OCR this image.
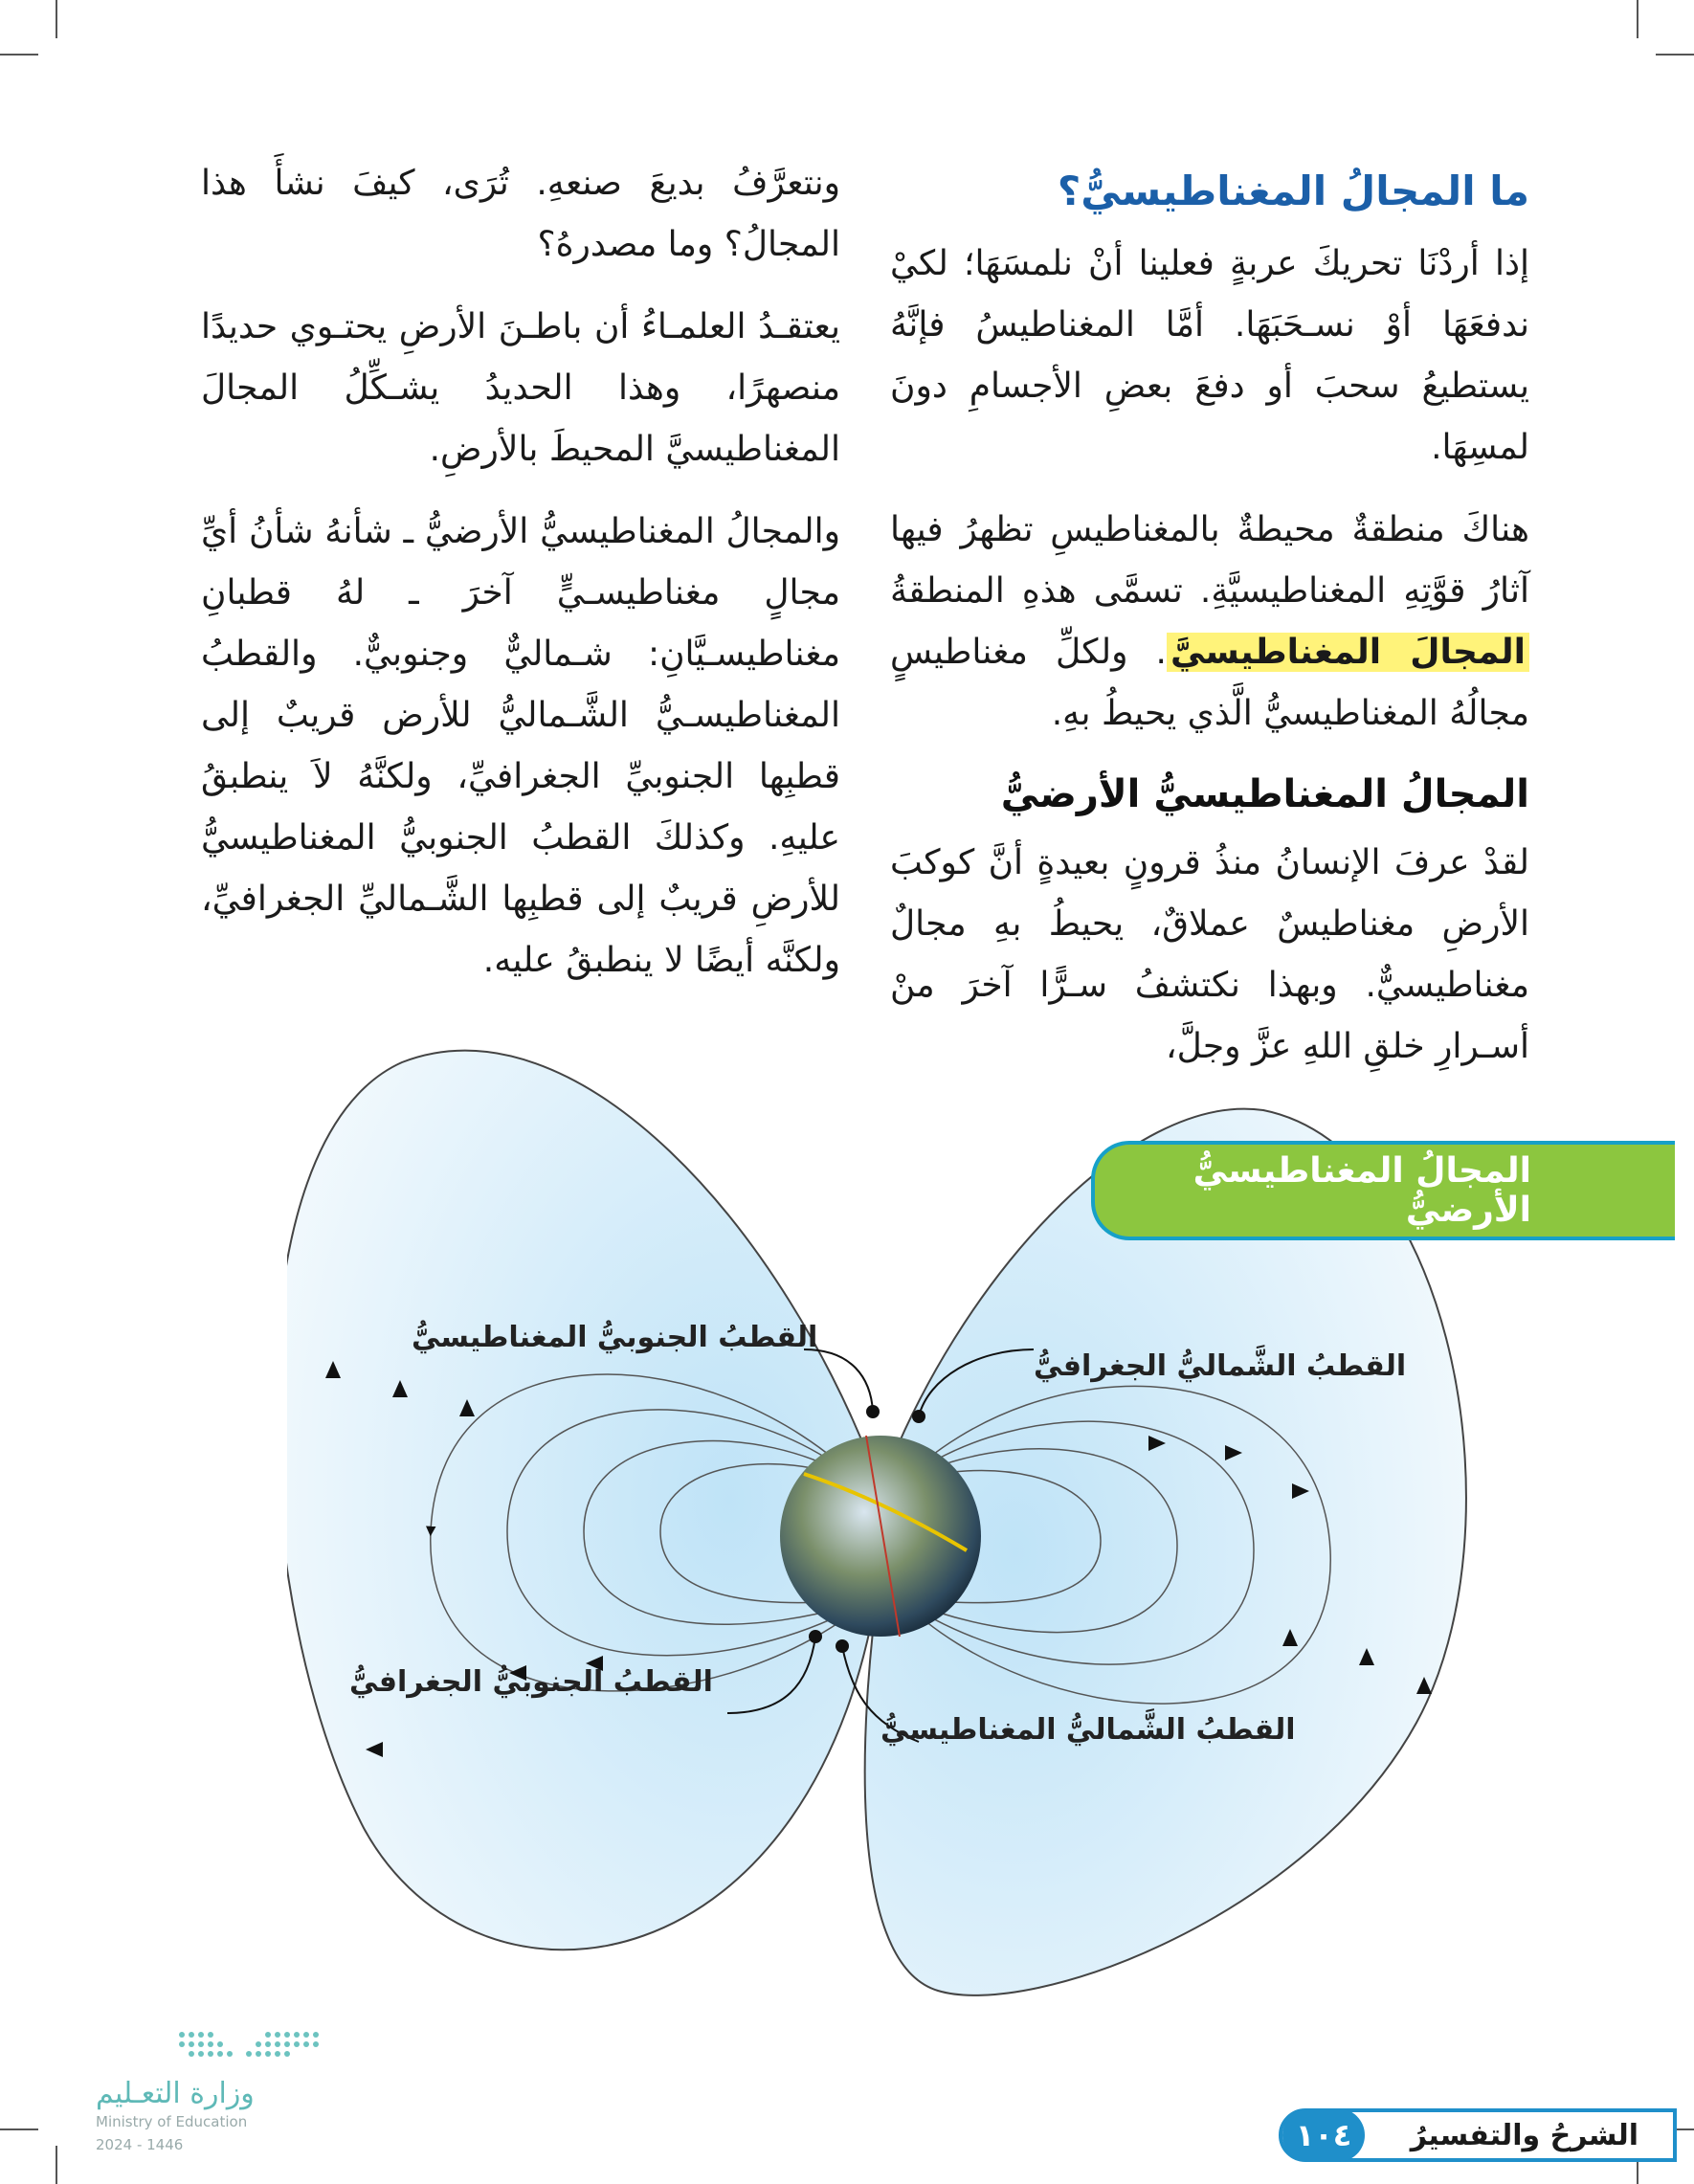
ما المجالُ المغناطيسيُّ؟

إذا أردْنَا تحريكَ عربةٍ فعلينا أنْ نلمسَهَا؛ لكيْ ندفعَهَا أوْ نسـحَبَهَا. أمَّا المغناطيسُ فإنَّهُ يستطيعُ سحبَ أو دفعَ بعضِ الأجسامِ دونَ لمسِهَا.

هناكَ منطقةٌ محيطةٌ بالمغناطيسِ تظهرُ فيها آثارُ قوَّتِهِ المغناطيسيَّةِ. تسمَّى هذهِ المنطقةُ المجالَ المغناطيسيَّ. ولكلِّ مغناطيسٍ مجالُهُ المغناطيسيُّ الَّذي يحيطُ بهِ.

المجالُ المغناطيسيُّ الأرضيُّ

لقدْ عرفَ الإنسانُ منذُ قرونٍ بعيدةٍ أنَّ كوكبَ الأرضِ مغناطيسٌ عملاقٌ، يحيطُ بهِ مجالٌ مغناطيسيٌّ. وبهذا نكتشفُ سـرًّا آخرَ منْ أسـرارِ خلقِ اللهِ عزَّ وجلَّ،

ونتعرَّفُ بديعَ صنعهِ. تُرَى، كيفَ نشأَ هذا المجالُ؟ وما مصدرهُ؟

يعتقـدُ العلمـاءُ أن باطـنَ الأرضِ يحتـوي حديدًا منصهرًا، وهذا الحديدُ يشـكِّلُ المجالَ المغناطيسيَّ المحيطَ بالأرضِ.

والمجالُ المغناطيسيُّ الأرضيُّ ـ شأنهُ شأنُ أيِّ مجالٍ مغناطيسـيٍّ آخرَ ـ لهُ قطبانِ مغناطيسـيَّانِ: شـماليٌّ وجنوبيٌّ. والقطبُ المغناطيسـيُّ الشَّـماليُّ للأرض قريبٌ إلى قطبِها الجنوبيِّ الجغرافيِّ، ولكنَّهُ لاَ ينطبقُ عليهِ. وكذلكَ القطبُ الجنوبيُّ المغناطيسيُّ للأرضِ قريبٌ إلى قطبِها الشَّـماليِّ الجغرافيِّ، ولكنَّه أيضًا لا ينطبقُ عليه.

القطبُ الجنوبيُّ المغناطيسيُّ
القطبُ الشَّماليُّ الجغرافيُّ
القطبُ الجنوبيُّ الجغرافيُّ
القطبُ الشَّماليُّ المغناطيسيُّ
المجالُ المغناطيسيُّ الأرضيُّ
الشرحُ والتفسيرُ
١٠٤
وزارة التعـليم
Ministry of Education
2024 - 1446
